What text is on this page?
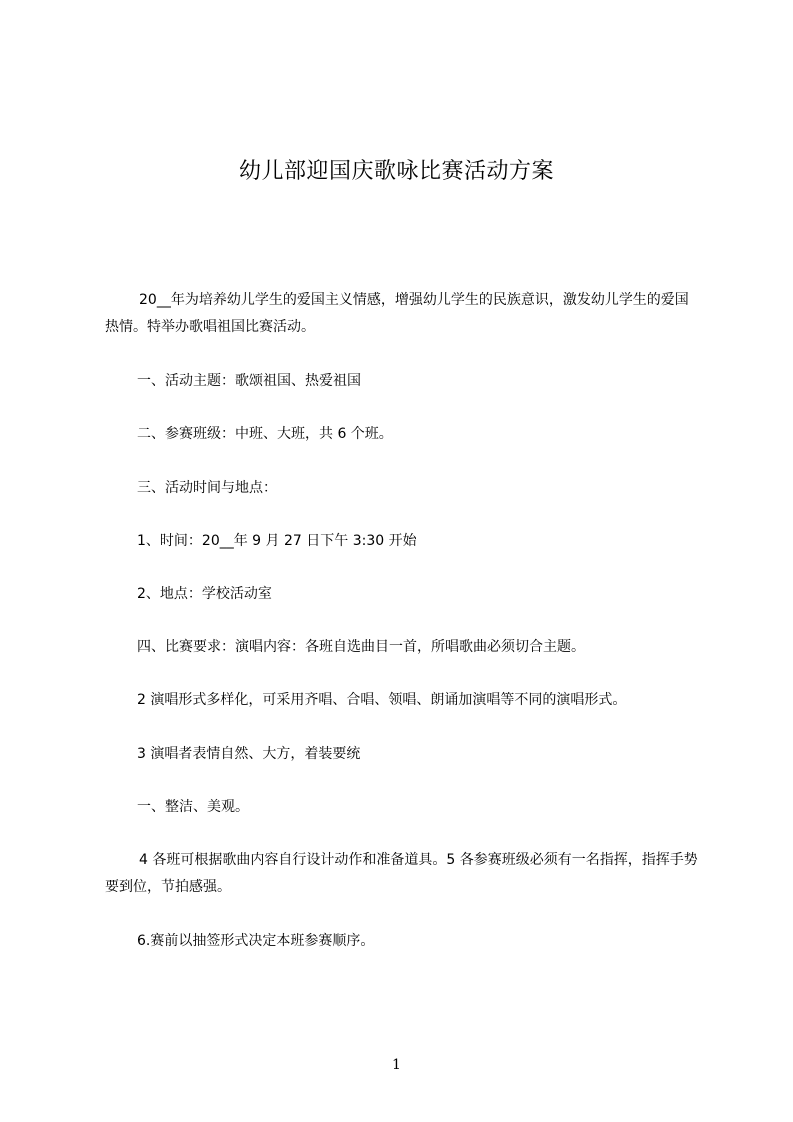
幼儿部迎国庆歌咏比赛活动方案

20__年为培养幼儿学生的爱国主义情感，增强幼儿学生的民族意识，激发幼儿学生的爱国热情。特举办歌唱祖国比赛活动。

一、活动主题：歌颂祖国、热爱祖国

二、参赛班级：中班、大班，共 6 个班。

三、活动时间与地点：

1、时间：20__年 9 月 27 日下午 3:30 开始

2、地点：学校活动室

四、比赛要求：演唱内容：各班自选曲目一首，所唱歌曲必须切合主题。

2 演唱形式多样化，可采用齐唱、合唱、领唱、朗诵加演唱等不同的演唱形式。

3 演唱者表情自然、大方，着装要统

一、整洁、美观。

4 各班可根据歌曲内容自行设计动作和准备道具。5 各参赛班级必须有一名指挥，指挥手势要到位，节拍感强。

6.赛前以抽签形式决定本班参赛顺序。

1
